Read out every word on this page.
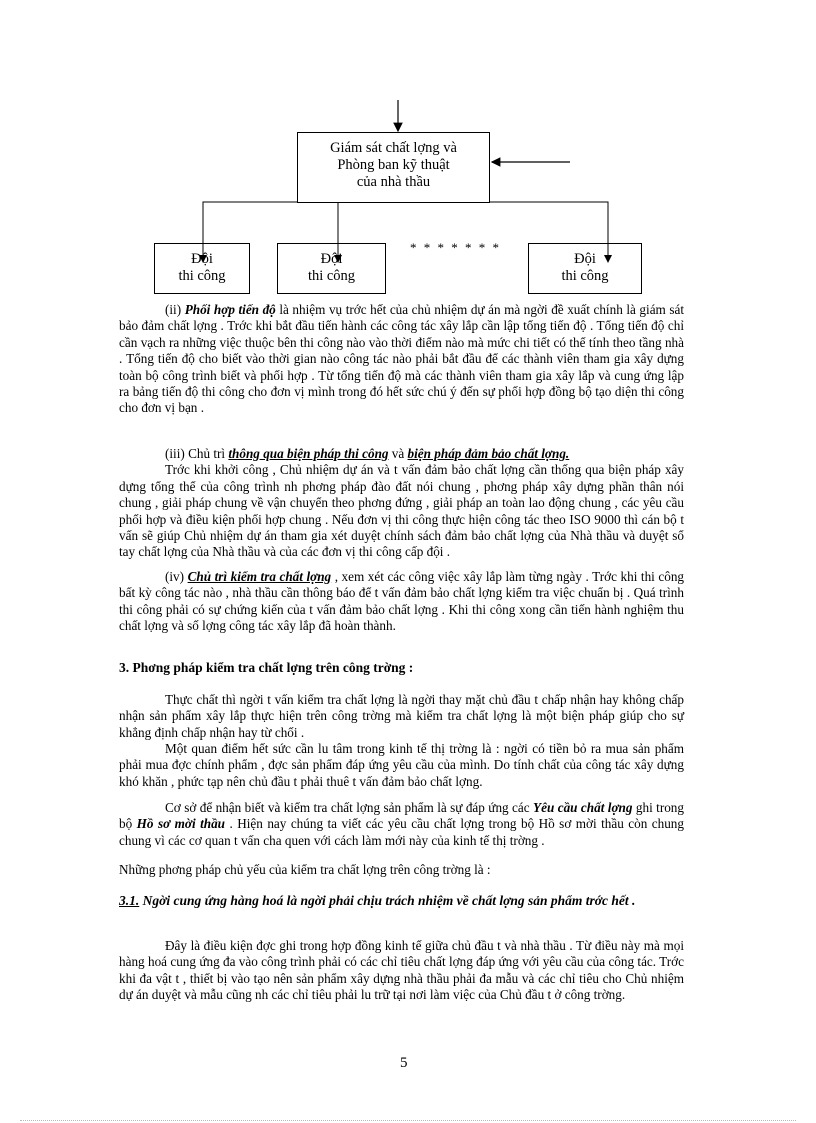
Giám sát chất lợng và
Phòng ban kỹ thuật
của nhà thầu
Đội
thi công
Đội
thi công
Đội
thi công
* * * * * * *
(ii) Phối hợp tiến độ là nhiệm vụ trớc hết của chủ nhiệm dự án mà ngời đề xuất chính là giám sát bảo đảm chất lợng . Trớc khi bắt đầu tiến hành các công tác xây lắp cần lập tổng tiến độ . Tổng tiến độ chỉ cần vạch ra những việc thuộc bên thi công nào vào thời điểm nào mà mức chi tiết có thể tính theo tầng nhà . Tổng tiến độ cho biết vào thời gian nào công tác nào phải bắt đầu để các thành viên tham gia xây dựng toàn bộ công trình biết và phối hợp . Từ tổng tiến độ mà các thành viên tham gia xây lắp và cung ứng lập ra bảng tiến độ thi công cho đơn vị mình trong đó hết sức chú ý đến sự phối hợp đồng bộ tạo diện thi công cho đơn vị bạn .
(iii) Chủ trì thông qua biện pháp thi công và biện pháp đảm bảo chất lợng.
Trớc khi khởi công , Chủ nhiệm dự án và t vấn đảm bảo chất lợng cần thống qua biện pháp xây dựng tổng thể của công trình nh phơng pháp đào đất nói chung , phơng pháp xây dựng phần thân nói chung , giải pháp chung về vận chuyển theo phơng đứng , giải pháp an toàn lao động chung , các yêu cầu phối hợp và điều kiện phối hợp chung . Nếu đơn vị thi công thực hiện công tác theo ISO 9000 thì cán bộ t vấn sẽ giúp Chủ nhiệm dự án tham gia xét duyệt chính sách đảm bảo chất lợng của Nhà thầu và duyệt sổ tay chất lợng của Nhà thầu và của các đơn vị thi công cấp đội .
(iv) Chủ trì kiểm tra chất lợng , xem xét các công việc xây lắp làm từng ngày . Trớc khi thi công bất kỳ công tác nào , nhà thầu cần thông báo để t vấn đảm bảo chất lợng kiểm tra việc chuẩn bị . Quá trình thi công phải có sự chứng kiến của t vấn đảm bảo chất lợng . Khi thi công xong cần tiến hành nghiệm thu chất lợng và số lợng công tác xây lắp đã hoàn thành.
3. Phơng pháp kiểm tra chất lợng trên công trờng :
Thực chất thì ngời t vấn kiểm tra chất lợng là ngời thay mặt chủ đầu t chấp nhận hay không chấp nhận sản phẩm xây lắp thực hiện trên công trờng mà kiểm tra chất lợng là một biện pháp giúp cho sự khẳng định chấp nhận hay từ chối .
Một quan điểm hết sức cần lu tâm trong kinh tế thị trờng là : ngời có tiền bỏ ra mua sản phẩm phải mua đợc chính phẩm , đợc sản phẩm đáp ứng yêu cầu của mình. Do tính chất của công tác xây dựng khó khăn , phức tạp nên chủ đầu t phải thuê t vấn đảm bảo chất lợng.
Cơ sở để nhận biết và kiểm tra chất lợng sản phẩm là sự đáp ứng các Yêu cầu chất lợng ghi trong bộ Hồ sơ mời thầu . Hiện nay chúng ta viết các yêu cầu chất lợng trong bộ Hồ sơ mời thầu còn chung chung vì các cơ quan t vấn cha quen với cách làm mới này của kinh tế thị trờng .
Những phơng pháp chủ yếu của kiểm tra chất lợng trên công trờng là :
3.1. Ngời cung ứng hàng hoá là ngời phải chịu trách nhiệm về chất lợng sản phẩm trớc hết .
Đây là điều kiện đợc ghi trong hợp đồng kinh tế giữa chủ đầu t và nhà thầu . Từ điều này mà mọi hàng hoá cung ứng đa vào công trình phải có các chỉ tiêu chất lợng đáp ứng với yêu cầu của công tác. Trớc khi đa vật t , thiết bị vào tạo nên sản phẩm xây dựng nhà thầu phải đa mẫu và các chỉ tiêu cho Chủ nhiệm dự án duyệt và mẫu cũng nh các chỉ tiêu phải lu trữ tại nơi làm việc của Chủ đầu t ở công trờng.
5
